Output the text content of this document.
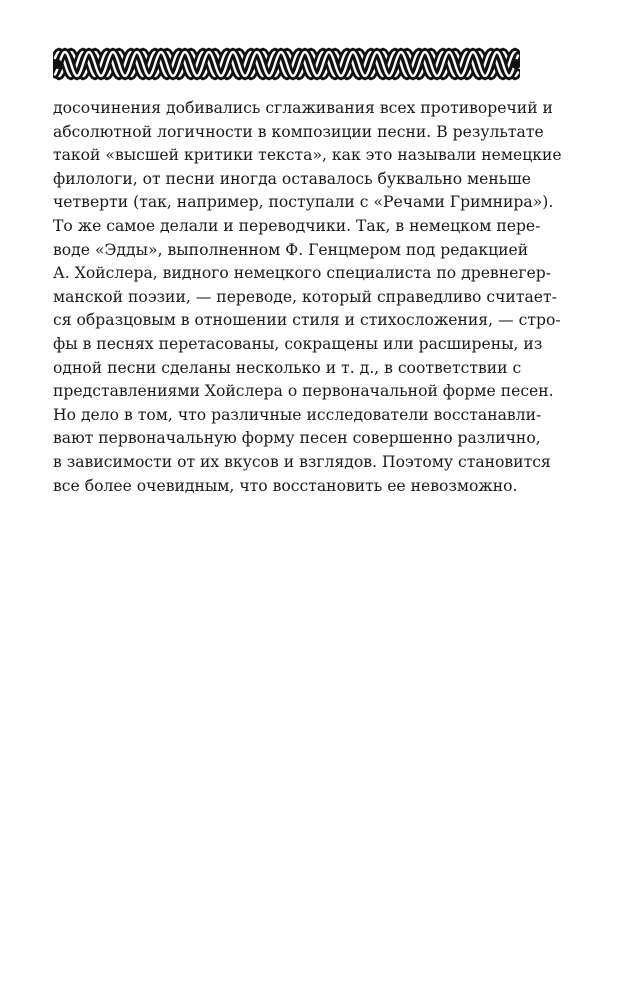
досочинения добивались сглаживания всех противоречий и
абсолютной логичности в композиции песни. В результате
такой «высшей критики текста», как это называли немецкие
филологи, от песни иногда оставалось буквально меньше
четверти (так, например, поступали с «Речами Гримнира»).
То же самое делали и переводчики. Так, в немецком пере-
воде «Эдды», выполненном Ф. Генцмером под редакцией
А. Хойслера, видного немецкого специалиста по древнегер-
манской поэзии, — переводе, который справедливо считает-
ся образцовым в отношении стиля и стихосложения, — стро-
фы в песнях перетасованы, сокращены или расширены, из
одной песни сделаны несколько и т. д., в соответствии с
представлениями Хойслера о первоначальной форме песен.
Но дело в том, что различные исследователи восстанавли-
вают первоначальную форму песен совершенно различно,
в зависимости от их вкусов и взглядов. Поэтому становится
все более очевидным, что восстановить ее невозможно.
